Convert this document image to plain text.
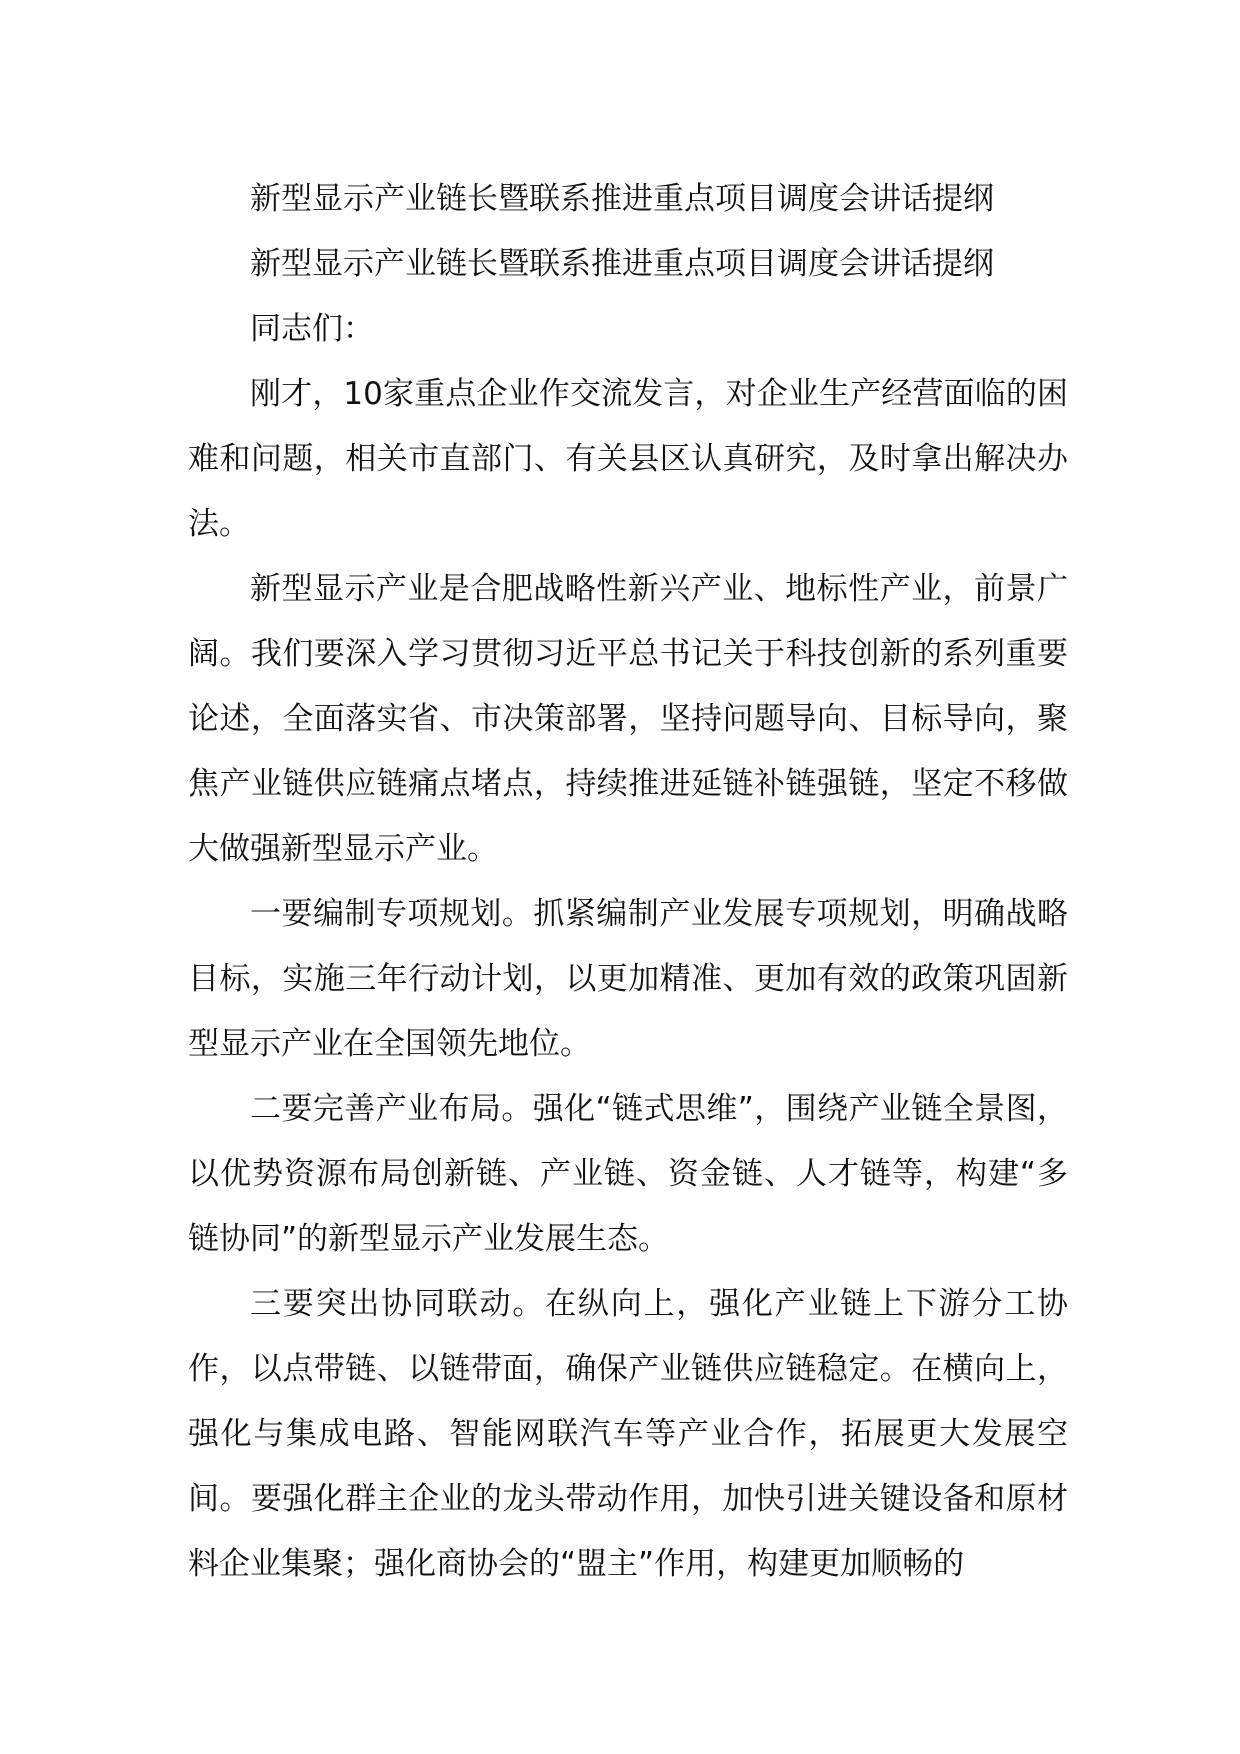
新型显示产业链长暨联系推进重点项目调度会讲话提纲

新型显示产业链长暨联系推进重点项目调度会讲话提纲

同志们：

刚才，10家重点企业作交流发言，对企业生产经营面临的困难和问题，相关市直部门、有关县区认真研究，及时拿出解决办法。

新型显示产业是合肥战略性新兴产业、地标性产业，前景广阔。我们要深入学习贯彻习近平总书记关于科技创新的系列重要论述，全面落实省、市决策部署，坚持问题导向、目标导向，聚焦产业链供应链痛点堵点，持续推进延链补链强链，坚定不移做大做强新型显示产业。

一要编制专项规划。抓紧编制产业发展专项规划，明确战略目标，实施三年行动计划，以更加精准、更加有效的政策巩固新型显示产业在全国领先地位。

二要完善产业布局。强化“链式思维”，围绕产业链全景图，以优势资源布局创新链、产业链、资金链、人才链等，构建“多链协同”的新型显示产业发展生态。

三要突出协同联动。在纵向上，强化产业链上下游分工协作，以点带链、以链带面，确保产业链供应链稳定。在横向上，强化与集成电路、智能网联汽车等产业合作，拓展更大发展空间。要强化群主企业的龙头带动作用，加快引进关键设备和原材料企业集聚；强化商协会的“盟主”作用，构建更加顺畅的
